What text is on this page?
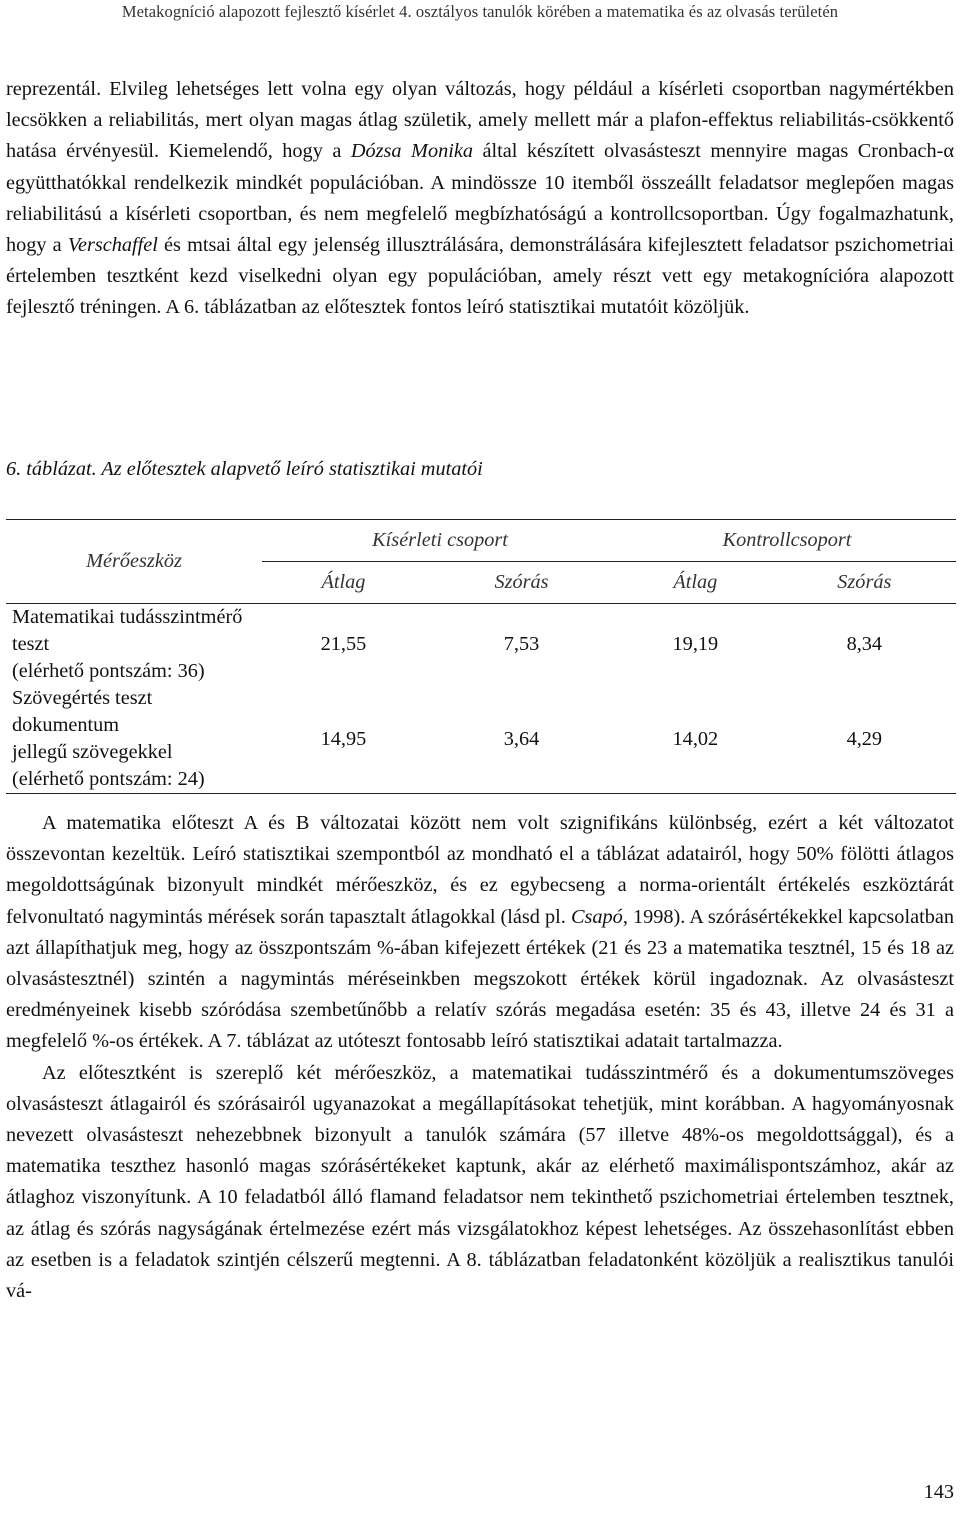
Metakogníció alapozott fejlesztő kísérlet 4. osztályos tanulók körében a matematika és az olvasás területén

reprezentál. Elvileg lehetséges lett volna egy olyan változás, hogy például a kísérleti csoportban nagymértékben lecsökken a reliabilitás, mert olyan magas átlag születik, amely mellett már a plafon-effektus reliabilitás-csökkentő hatása érvényesül. Kiemelendő, hogy a Dózsa Monika által készített olvasásteszt mennyire magas Cronbach-α együtthatókkal rendelkezik mindkét populációban. A mindössze 10 itemből összeállt feladatsor meglepően magas reliabilitású a kísérleti csoportban, és nem megfelelő megbízhatóságú a kontrollcsoportban. Úgy fogalmazhatunk, hogy a Verschaffel és mtsai által egy jelenség illusztrálására, demonstrálására kifejlesztett feladatsor pszichometriai értelemben tesztként kezd viselkedni olyan egy populációban, amely részt vett egy metakogníciórа alapozott fejlesztő tréningen. A 6. táblázatban az előtesztek fontos leíró statisztikai mutatóit közöljük.

6. táblázat. Az előtesztek alapvető leíró statisztikai mutatói
Mérőeszköz	Kísérleti csoport		Kontrollcsoport	
	Átlag	Szórás	Átlag	Szórás

Matematikai tudásszintmérő teszt
(elérhető pontszám: 36)	21,55	7,53	19,19	8,34

Szövegértés teszt dokumentum
jellegű szövegekkel
(elérhető pontszám: 24)	14,95	3,64	14,02	4,29

A matematika előteszt A és B változatai között nem volt szignifikáns különbség, ezért a két változatot összevontan kezeltük. Leíró statisztikai szempontból az mondható el a táblázat adatairól, hogy 50% fölötti átlagos megoldottságúnak bizonyult mindkét mérőeszköz, és ez egybecseng a norma-orientált értékelés eszköztárát felvonultató nagymintás mérések során tapasztalt átlagokkal (lásd pl. Csapó, 1998). A szórásértékekkel kapcsolatban azt állapíthatjuk meg, hogy az összpontszám %-ában kifejezett értékek (21 és 23 a matematika tesztnél, 15 és 18 az olvasástesztnél) szintén a nagymintás méréseinkben megszokott értékek körül ingadoznak. Az olvasásteszt eredményeinek kisebb szóródása szembetűnőbb a relatív szórás megadása esetén: 35 és 43, illetve 24 és 31 a megfelelő %-os értékek. A 7. táblázat az utóteszt fontosabb leíró statisztikai adatait tartalmazza.

Az előtesztként is szereplő két mérőeszköz, a matematikai tudásszintmérő és a dokumentumszöveges olvasásteszt átlagairól és szórásairól ugyanazokat a megállapításokat tehetjük, mint korábban. A hagyományosnak nevezett olvasásteszt nehezebbnek bizonyult a tanulók számára (57 illetve 48%-os megoldottsággal), és a matematika teszthez hasonló magas szórásértékeket kaptunk, akár az elérhető maximálispontszámhoz, akár az átlaghoz viszonyítunk. A 10 feladatból álló flamand feladatsor nem tekinthető pszichometriai értelemben tesztnek, az átlag és szórás nagyságának értelmezése ezért más vizsgálatokhoz képest lehetséges. Az összehasonlítást ebben az esetben is a feladatok szintjén célszerű megtenni. A 8. táblázatban feladatonként közöljük a realisztikus tanulói vá-

143
